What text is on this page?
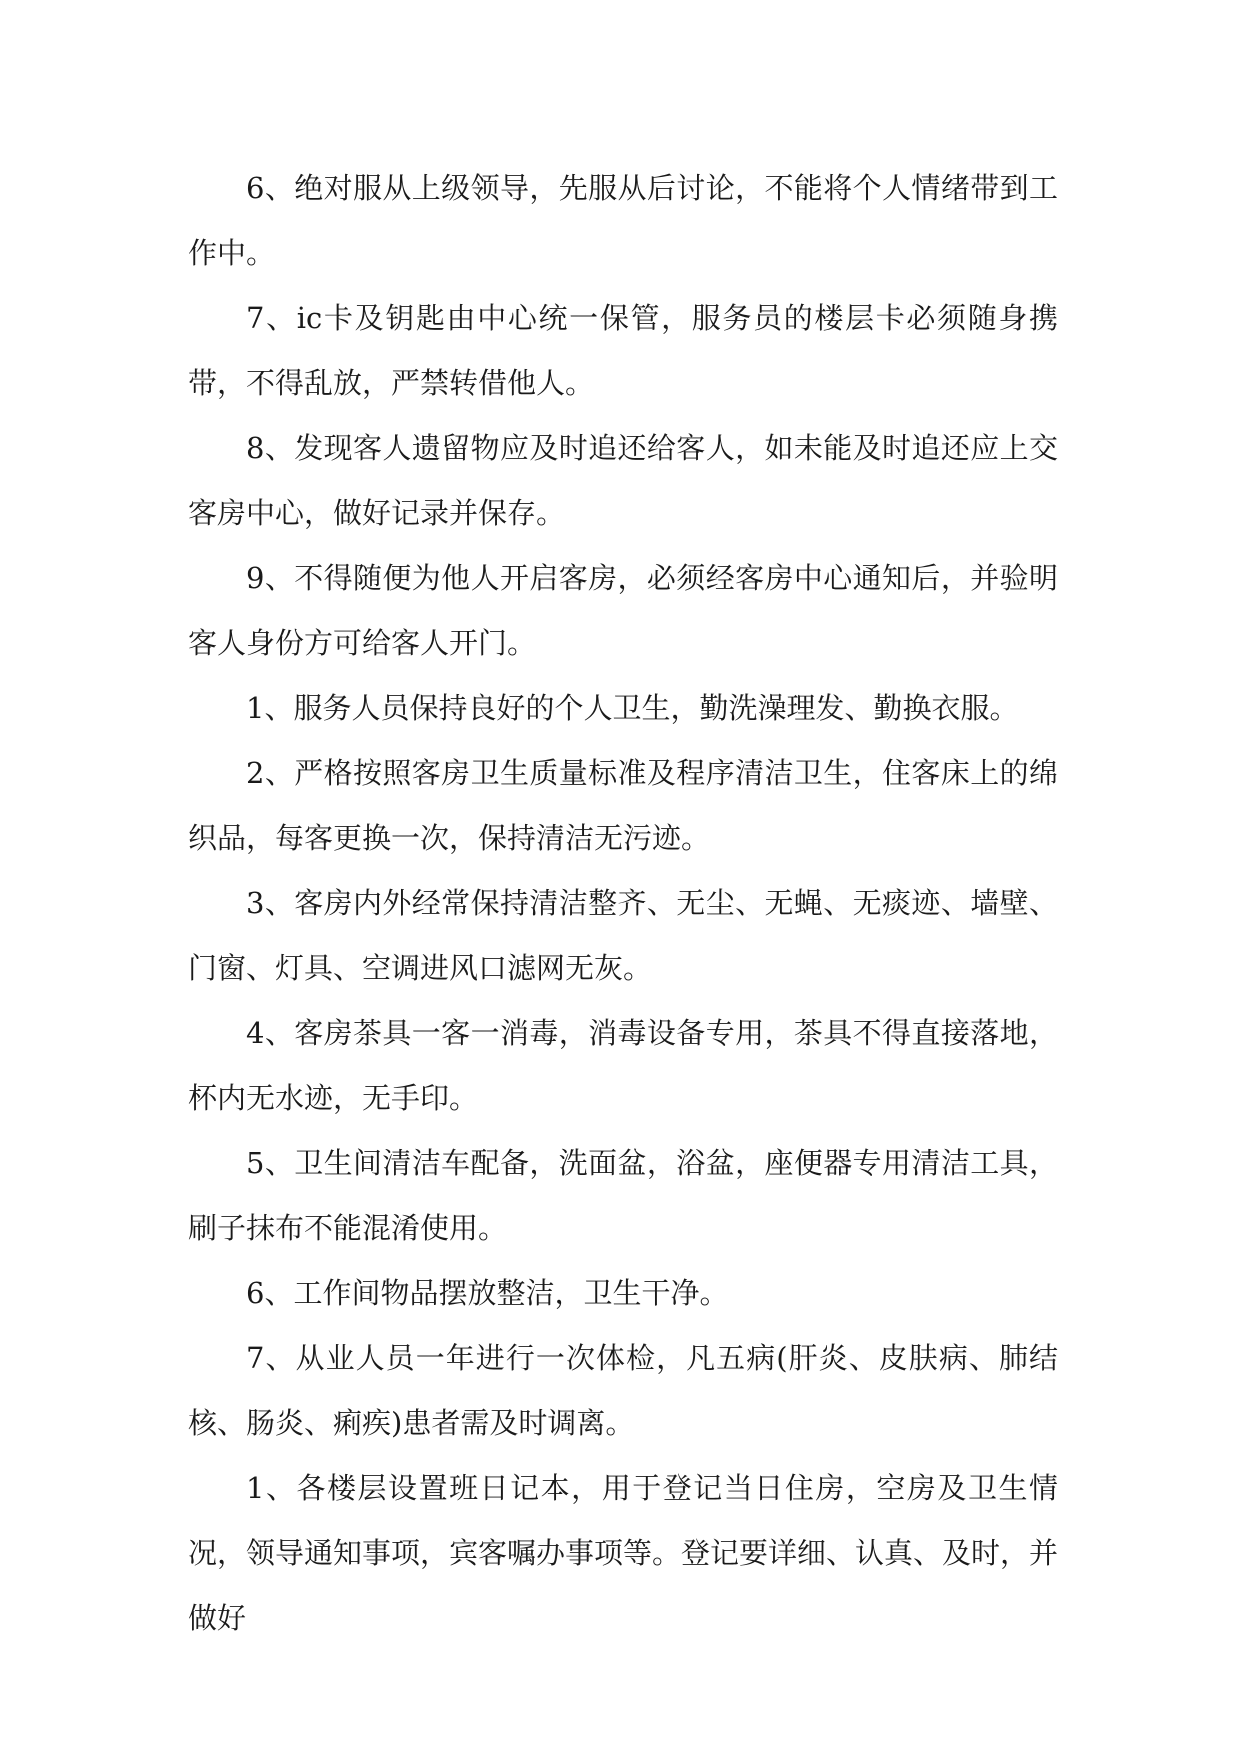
6、绝对服从上级领导，先服从后讨论，不能将个人情绪带到工作中。

7、ic卡及钥匙由中心统一保管，服务员的楼层卡必须随身携带，不得乱放，严禁转借他人。

8、发现客人遗留物应及时追还给客人，如未能及时追还应上交客房中心，做好记录并保存。

9、不得随便为他人开启客房，必须经客房中心通知后，并验明客人身份方可给客人开门。

1、服务人员保持良好的个人卫生，勤洗澡理发、勤换衣服。

2、严格按照客房卫生质量标准及程序清洁卫生，住客床上的绵织品，每客更换一次，保持清洁无污迹。

3、客房内外经常保持清洁整齐、无尘、无蝇、无痰迹、墙壁、门窗、灯具、空调进风口滤网无灰。

4、客房茶具一客一消毒，消毒设备专用，茶具不得直接落地，杯内无水迹，无手印。

5、卫生间清洁车配备，洗面盆，浴盆，座便器专用清洁工具，刷子抹布不能混淆使用。

6、工作间物品摆放整洁，卫生干净。

7、从业人员一年进行一次体检，凡五病(肝炎、皮肤病、肺结核、肠炎、痢疾)患者需及时调离。

1、各楼层设置班日记本，用于登记当日住房，空房及卫生情况，领导通知事项，宾客嘱办事项等。登记要详细、认真、及时，并做好
